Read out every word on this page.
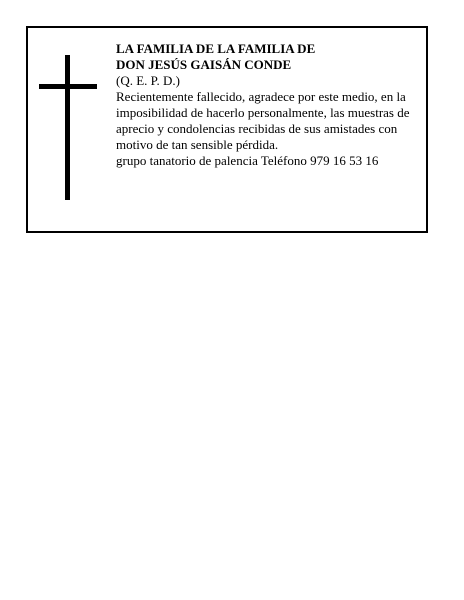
LA FAMILIA DE LA FAMILIA DE
DON JESÚS GAISÁN CONDE
(Q. E. P. D.)
Recientemente fallecido, agradece por este medio, en la imposibilidad de hacerlo personalmente, las muestras de aprecio y condolencias recibidas de sus amistades con motivo de tan sensible pérdida.
grupo tanatorio de palencia Teléfono 979 16 53 16
